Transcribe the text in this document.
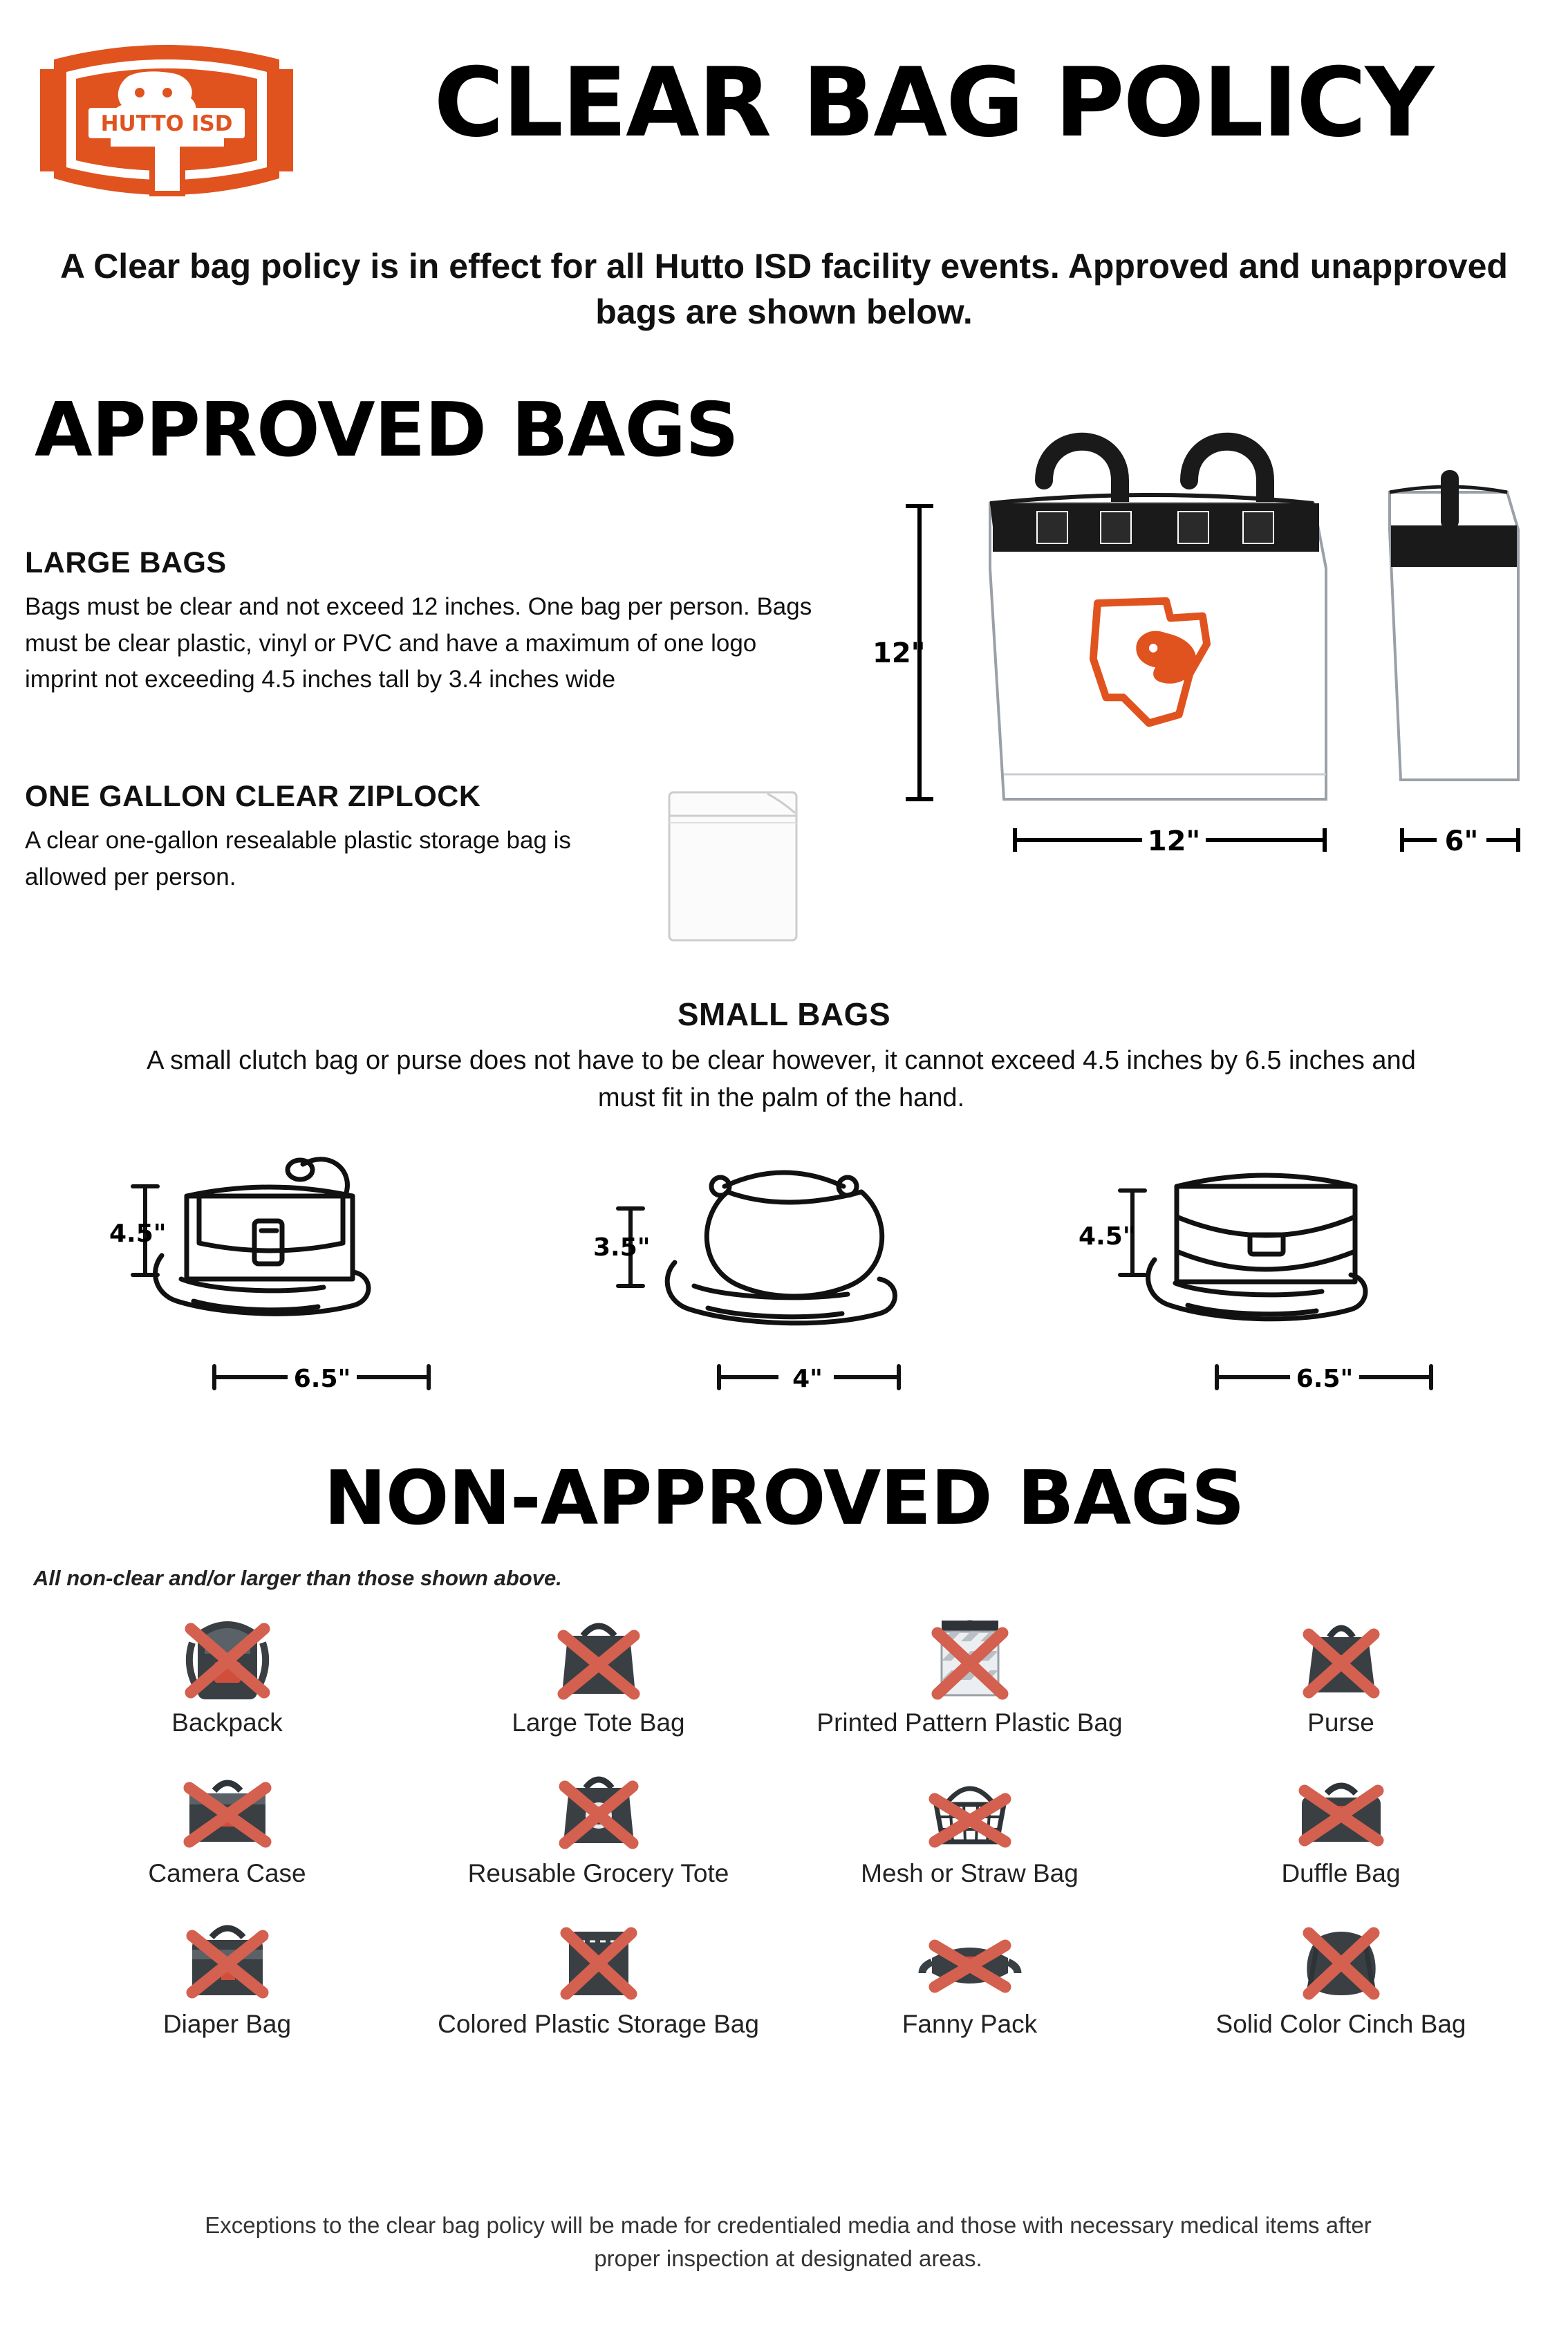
HUTTO ISD	CLEAR BAG POLICY
A Clear bag policy is in effect for all Hutto ISD facility events. Approved and unapproved bags are shown below.
APPROVED BAGS
LARGE BAGS
Bags must be clear and not exceed 12 inches. One bag per person. Bags must be clear plastic, vinyl or PVC and have a maximum of one logo imprint not exceeding 4.5 inches tall by 3.4 inches wide
ONE GALLON CLEAR ZIPLOCK
A clear one-gallon resealable plastic storage bag is allowed per person.
12"
12"	6"
SMALL BAGS
A small clutch bag or purse does not have to be clear however, it cannot exceed 4.5 inches by 6.5 inches and must fit in the palm of the hand.
4.5"
6.5"
3.5"
4"
4.5"
6.5"
NON-APPROVED BAGS
All non-clear and/or larger than those shown above.
Backpack	Large Tote Bag	Printed Pattern Plastic Bag	Purse
Camera Case	Reusable Grocery Tote	Mesh or Straw Bag	Duffle Bag
Diaper Bag	Colored Plastic Storage Bag	Fanny Pack	Solid Color Cinch Bag
Exceptions to the clear bag policy will be made for credentialed media and those with necessary medical items after proper inspection at designated areas.
